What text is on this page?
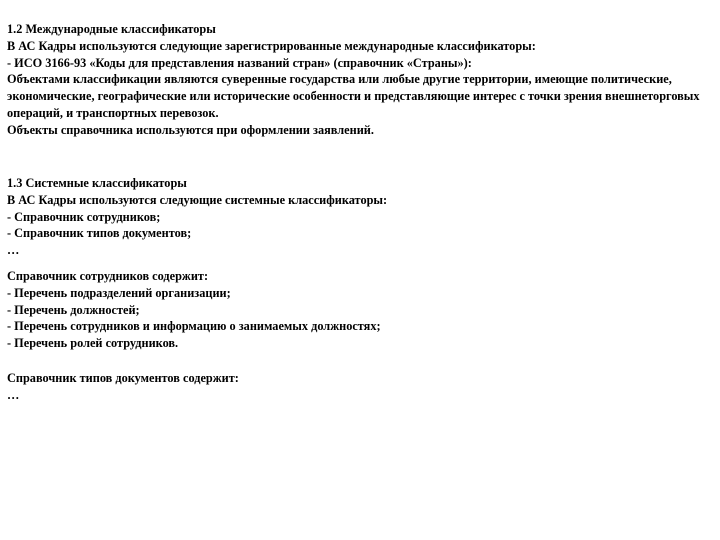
1.2 Международные классификаторы
В АС Кадры используются следующие зарегистрированные международные классификаторы:
- ИСО 3166-93 «Коды для представления названий стран» (справочник «Страны»):
Объектами классификации являются суверенные государства или любые другие территории, имеющие политические, экономические, географические или исторические особенности и представляющие интерес с точки зрения внешнеторговых операций, и транспортных перевозок.
Объекты справочника используются при оформлении заявлений.
1.3 Системные классификаторы
В АС Кадры используются следующие системные классификаторы:
- Справочник сотрудников;
- Справочник типов документов;
…
Справочник сотрудников содержит:
- Перечень подразделений организации;
- Перечень должностей;
- Перечень сотрудников и информацию о занимаемых должностях;
- Перечень ролей сотрудников.
Справочник типов документов содержит:
…
